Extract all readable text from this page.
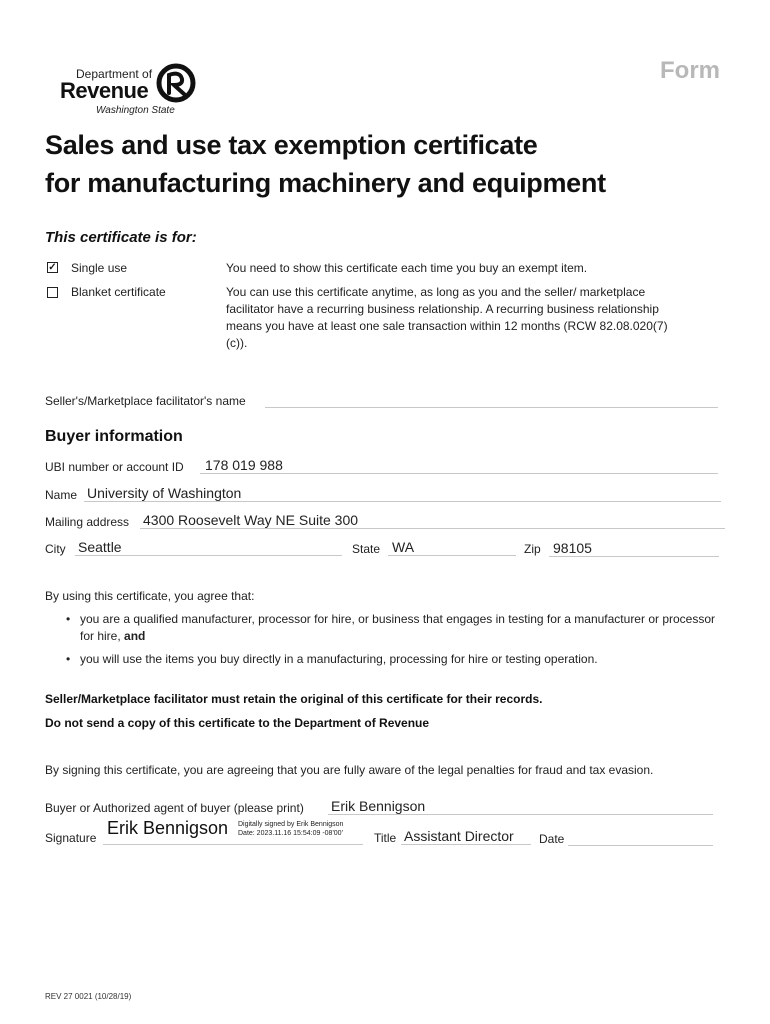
Department of
Revenue
Washington State
Form
Sales and use tax exemption certificate
for manufacturing machinery and equipment
This certificate is for:
✓ Single use	You need to show this certificate each time you buy an exempt item.
Blanket certificate	You can use this certificate anytime, as long as you and the seller/ marketplace facilitator have a recurring business relationship. A recurring business relationship means you have at least one sale transaction within 12 months (RCW 82.08.020(7)(c)).
Seller's/Marketplace facilitator's name
Buyer information
UBI number or account ID	178 019 988
Name University of Washington
Mailing address 4300 Roosevelt Way NE Suite 300
City Seattle	State WA	Zip 98105
By using this certificate, you agree that:
• you are a qualified manufacturer, processor for hire, or business that engages in testing for a manufacturer or processor for hire, and
• you will use the items you buy directly in a manufacturing, processing for hire or testing operation.
Seller/Marketplace facilitator must retain the original of this certificate for their records.
Do not send a copy of this certificate to the Department of Revenue
By signing this certificate, you are agreeing that you are fully aware of the legal penalties for fraud and tax evasion.
Buyer or Authorized agent of buyer (please print) Erik Bennigson
Signature Erik Bennigson Digitally signed by Erik Bennigson
Date: 2023.11.16 15:54:09 -08'00'	Title Assistant Director	Date
REV 27 0021 (10/28/19)
